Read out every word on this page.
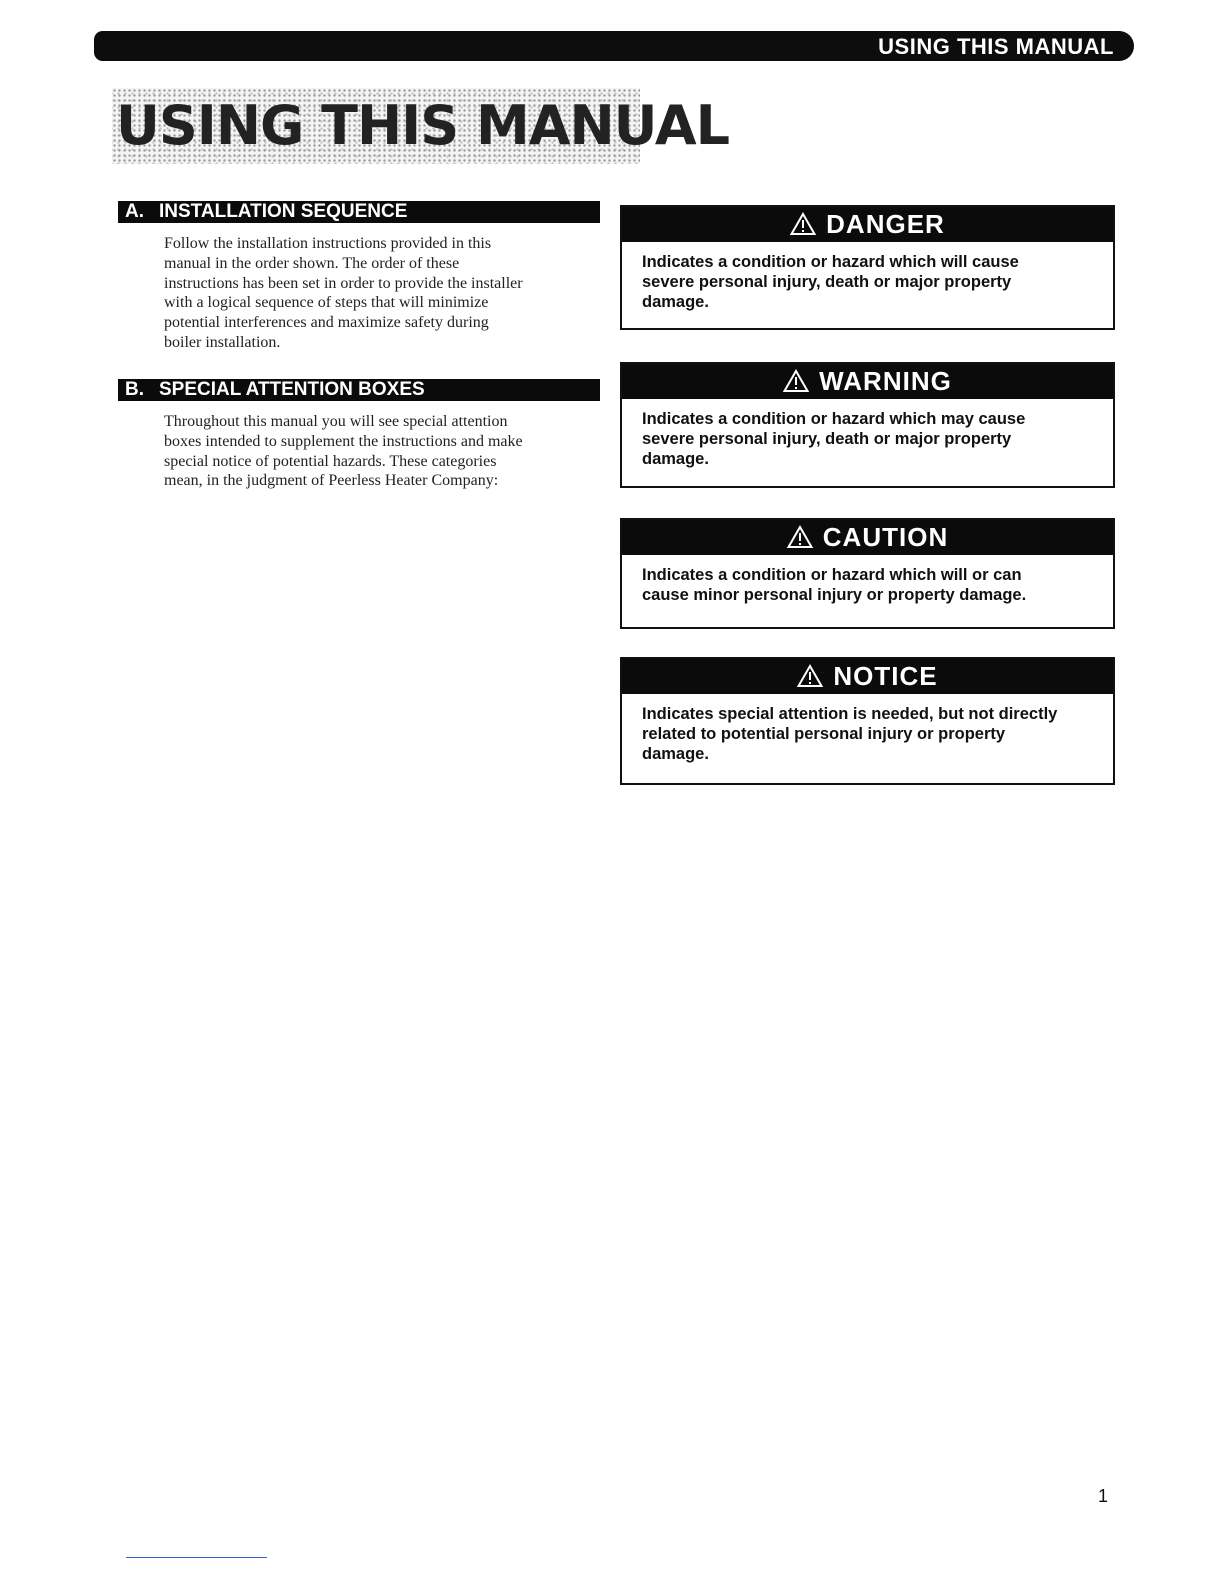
USING THIS MANUAL
USING THIS MANUAL
A. INSTALLATION SEQUENCE
Follow the installation instructions provided in this
manual in the order shown. The order of these
instructions has been set in order to provide the installer
with a logical sequence of steps that will minimize
potential interferences and maximize safety during
boiler installation.
B. SPECIAL ATTENTION BOXES
Throughout this manual you will see special attention
boxes intended to supplement the instructions and make
special notice of potential hazards. These categories
mean, in the judgment of Peerless Heater Company:
DANGER
Indicates a condition or hazard which will cause
severe personal injury, death or major property
damage.
WARNING
Indicates a condition or hazard which may cause
severe personal injury, death or major property
damage.
CAUTION
Indicates a condition or hazard which will or can
cause minor personal injury or property damage.
NOTICE
Indicates special attention is needed, but not directly
related to potential personal injury or property
damage.
1
